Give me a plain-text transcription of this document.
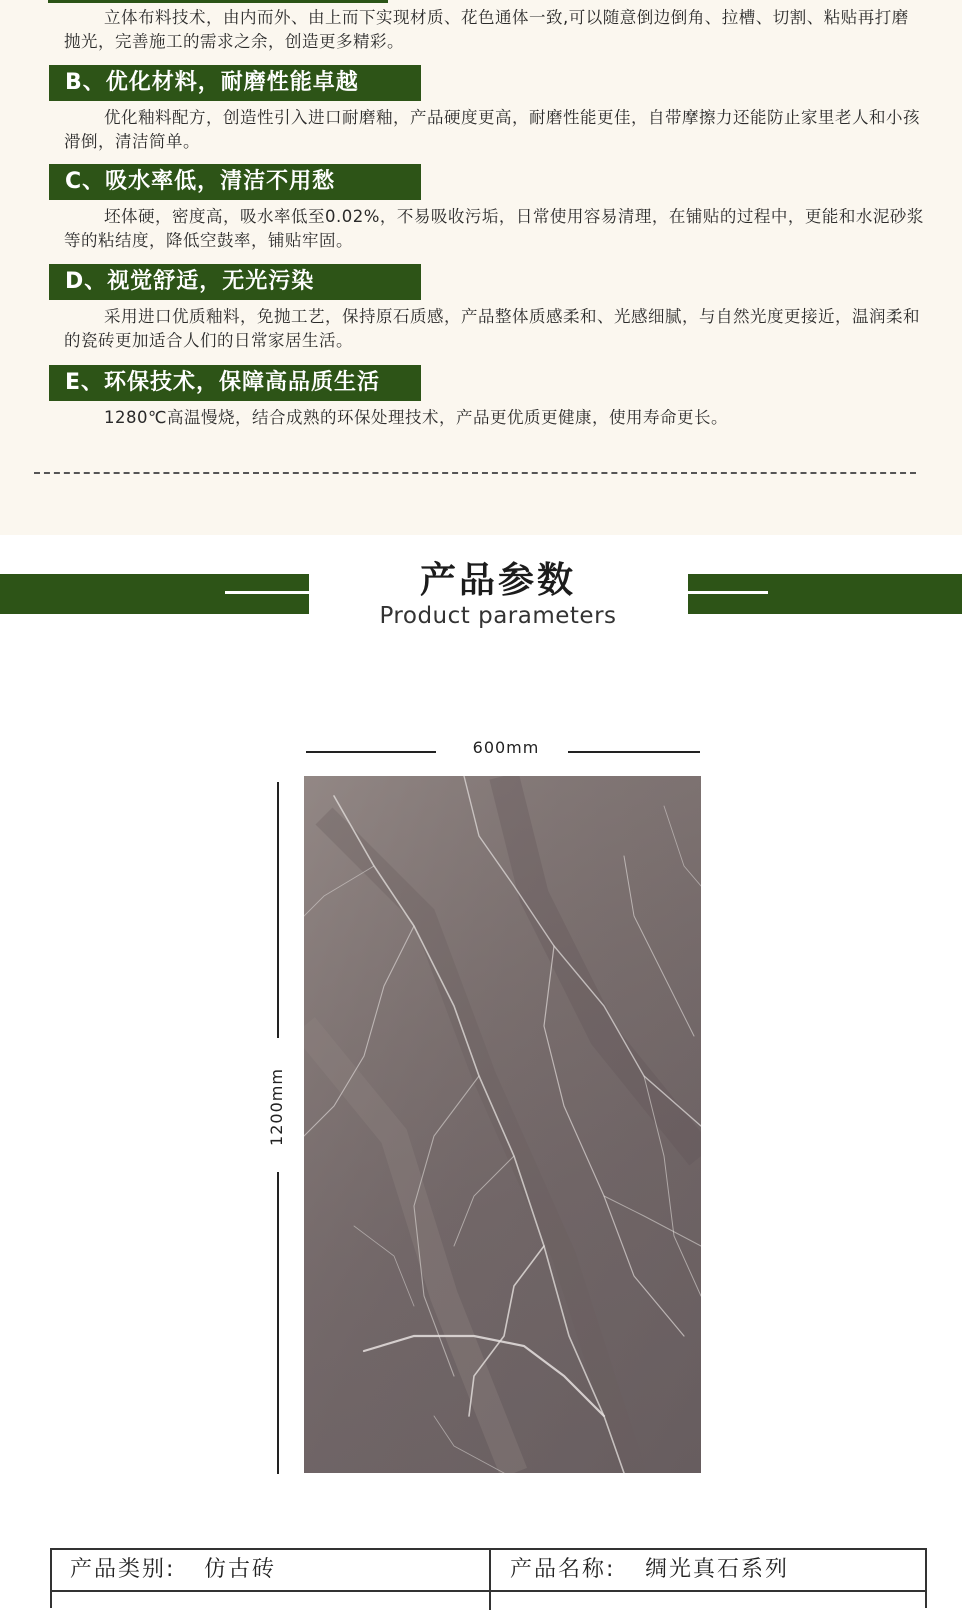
立体布料技术，由内而外、由上而下实现材质、花色通体一致,可以随意倒边倒角、拉槽、切割、粘贴再打磨抛光，完善施工的需求之余，创造更多精彩。
B、优化材料，耐磨性能卓越
优化釉料配方，创造性引入进口耐磨釉，产品硬度更高，耐磨性能更佳，自带摩擦力还能防止家里老人和小孩滑倒，清洁简单。
C、吸水率低，清洁不用愁
坯体硬，密度高，吸水率低至0.02%，不易吸收污垢，日常使用容易清理，在铺贴的过程中，更能和水泥砂浆等的粘结度，降低空鼓率，铺贴牢固。
D、视觉舒适，无光污染
采用进口优质釉料，免抛工艺，保持原石质感，产品整体质感柔和、光感细腻，与自然光度更接近，温润柔和的瓷砖更加适合人们的日常家居生活。
E、环保技术，保障高品质生活
1280℃高温慢烧，结合成熟的环保处理技术，产品更优质更健康，使用寿命更长。
产品参数
Product parameters
600mm
1200mm
产品类别: 仿古砖	产品名称: 绸光真石系列
